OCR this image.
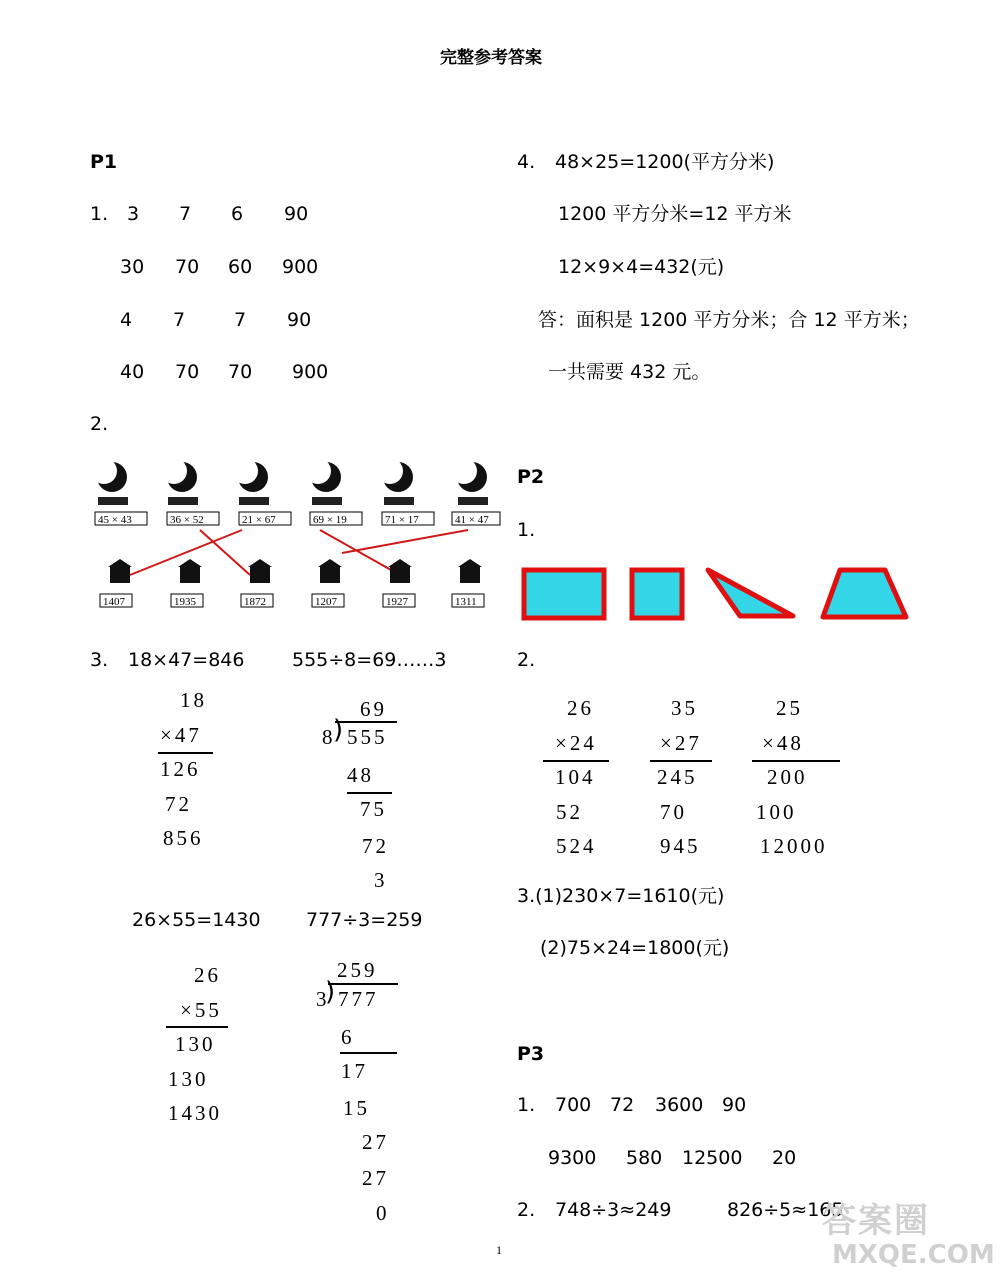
完整参考答案
P1
1. 3 7 6 90
30 70 60 900
4 7	7 90
40 70 70 900
2.
45 × 43	36 × 52	21 × 67	69 × 19	71 × 17	41 × 47
1407	1935	1872	1207	1927	1311
3. 18×47=846	555÷8=69……3
18
×47
126
72
856
69
8
) 555
48
75
72
3
26×55=1430 777÷3=259
26
×55
130
130
1430
259
3
) 777
6
17
15
27
27
0
4. 48×25=1200(平方分米)
1200 平方分米=12 平方米
12×9×4=432(元)
答：面积是 1200 平方分米；合 12 平方米；
一共需要 432 元。
P2
1.
2.
26
×24
104
52
524
35
×27
245
70
945
25
×48
200
100
12000
3.(1)230×7=1610(元)
(2)75×24=1800(元)
P3
1. 700 72 3600 90
9300 580 12500 20
2. 748÷3≈249	826÷5≈165
1
答案圈
MXQE.COM
